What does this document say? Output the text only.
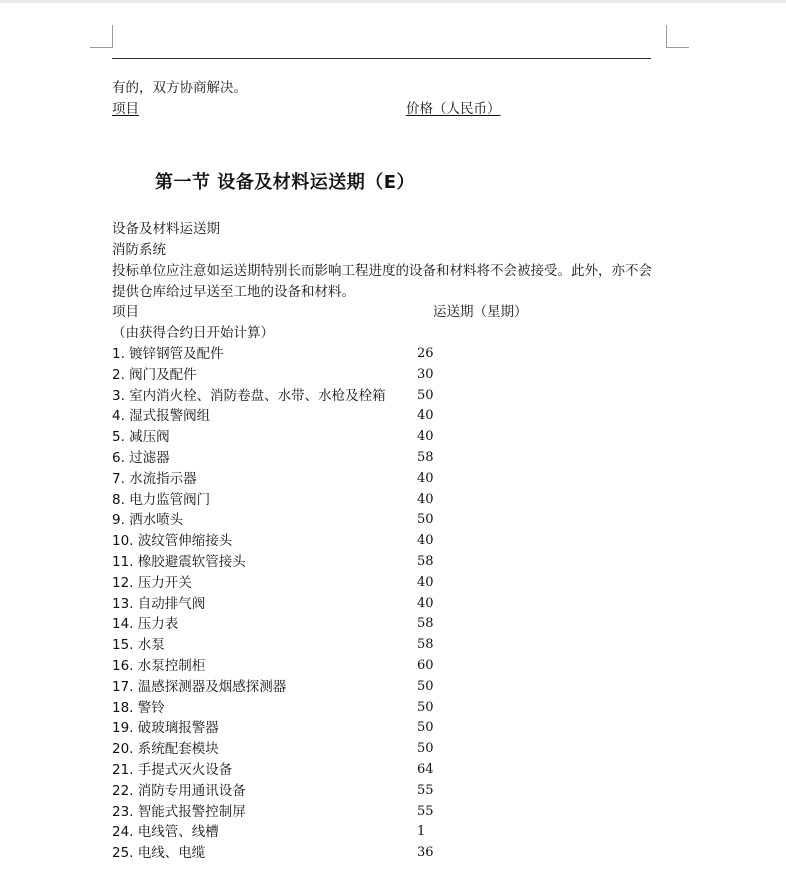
有的，双方协商解决。
项目	价格（人民币）
第一节 设备及材料运送期（E）
设备及材料运送期
消防系统
投标单位应注意如运送期特别长而影响工程进度的设备和材料将不会被接受。此外，亦不会
提供仓库给过早送至工地的设备和材料。
项目	运送期（星期）
（由获得合约日开始计算）
1. 镀锌钢管及配件	26
2. 阀门及配件	30
3. 室内消火栓、消防卷盘、水带、水枪及栓箱 50
4. 湿式报警阀组	40
5. 减压阀	40
6. 过滤器	58
7. 水流指示器	40
8. 电力监管阀门	40
9. 洒水喷头	50
10. 波纹管伸缩接头	40
11. 橡胶避震软管接头	58
12. 压力开关	40
13. 自动排气阀	40
14. 压力表	58
15. 水泵	58
16. 水泵控制柜	60
17. 温感探测器及烟感探测器	50
18. 警铃	50
19. 破玻璃报警器	50
20. 系统配套模块	50
21. 手提式灭火设备	64
22. 消防专用通讯设备	55
23. 智能式报警控制屏	55
24. 电线管、线槽	1
25. 电线、电缆	36
